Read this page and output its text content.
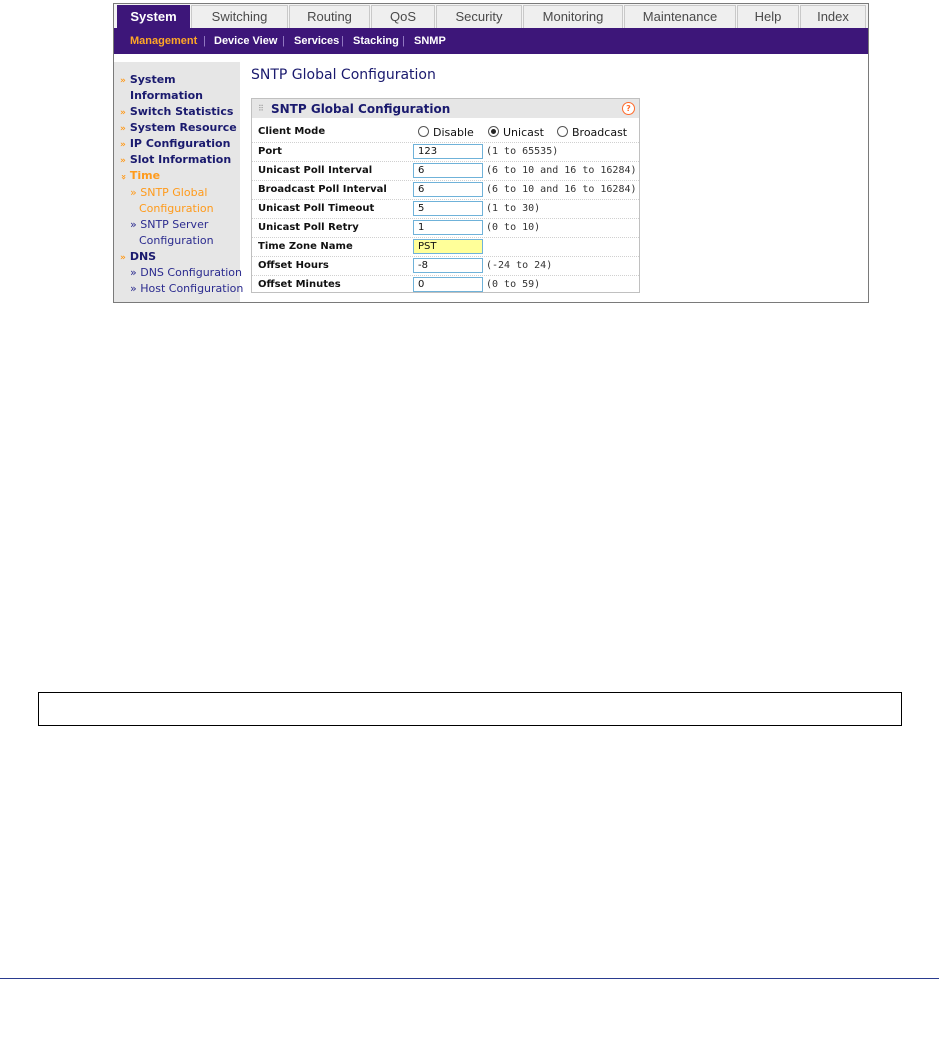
System	Switching	Routing	QoS	Security	Monitoring	Maintenance	Help	Index
Management | Device View | Services | Stacking | SNMP
» System
Information
» Switch Statistics
» System Resource
» IP Configuration
» Slot Information
» Time
» SNTP Global
Configuration
» SNTP Server
Configuration
» DNS
» DNS Configuration
» Host Configuration
SNTP Global Configuration
⠿ SNTP Global Configuration	?
Client Mode	Disable	Unicast	Broadcast
Port	123	(1 to 65535)
Unicast Poll Interval	6	(6 to 10 and 16 to 16284)
Broadcast Poll Interval	6	(6 to 10 and 16 to 16284)
Unicast Poll Timeout	5	(1 to 30)
Unicast Poll Retry	1	(0 to 10)
Time Zone Name	PST
Offset Hours	-8	(-24 to 24)
Offset Minutes	0	(0 to 59)
